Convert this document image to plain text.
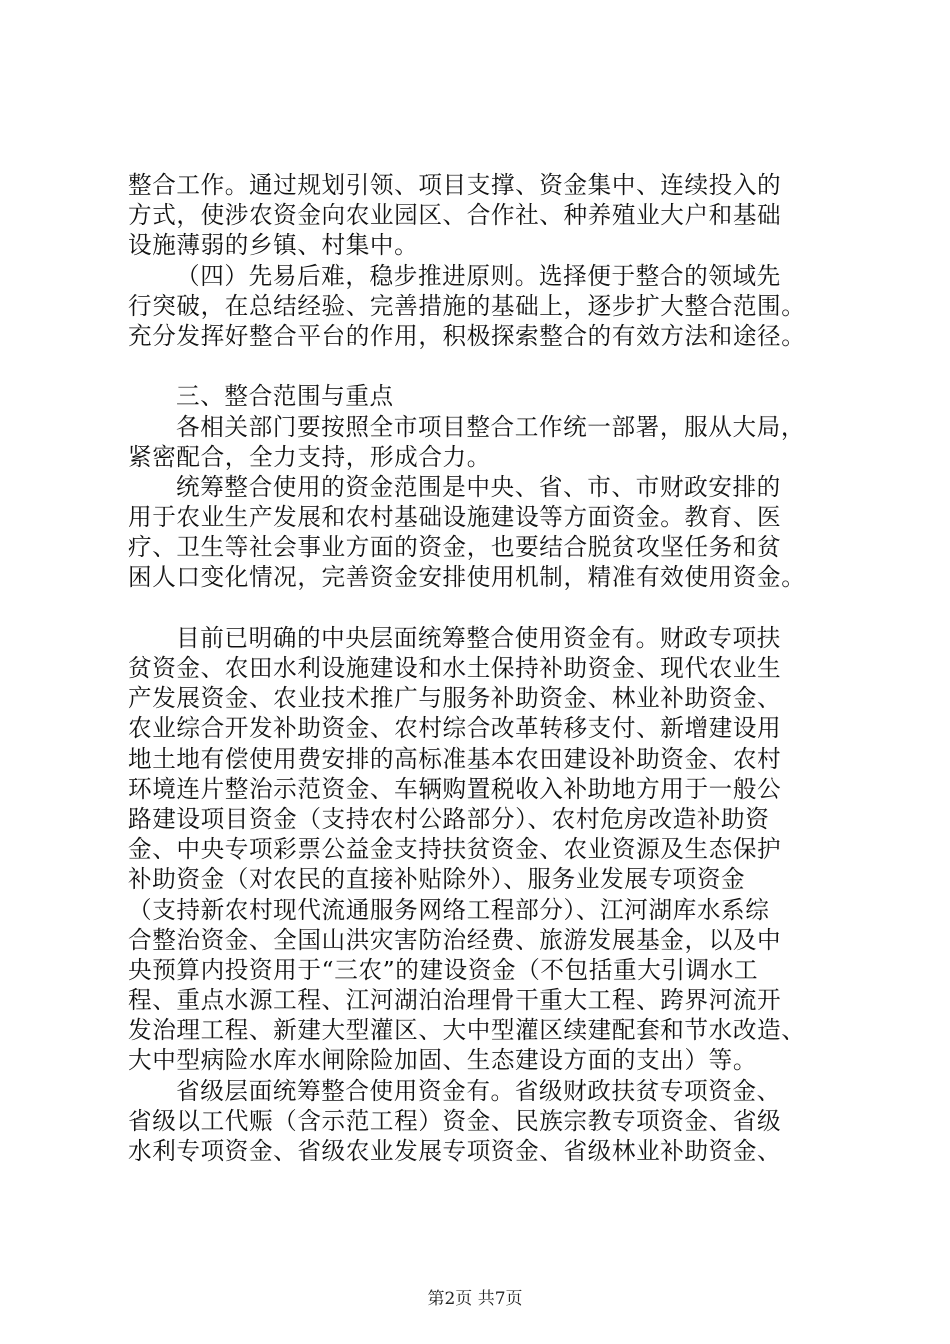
整合工作。通过规划引领、项目支撑、资金集中、连续投入的
方式，使涉农资金向农业园区、合作社、种养殖业大户和基础
设施薄弱的乡镇、村集中。
（四）先易后难，稳步推进原则。选择便于整合的领域先
行突破，在总结经验、完善措施的基础上，逐步扩大整合范围。
充分发挥好整合平台的作用，积极探索整合的有效方法和途径。
三、整合范围与重点
各相关部门要按照全市项目整合工作统一部署，服从大局，
紧密配合，全力支持，形成合力。
统筹整合使用的资金范围是中央、省、市、市财政安排的
用于农业生产发展和农村基础设施建设等方面资金。教育、医
疗、卫生等社会事业方面的资金，也要结合脱贫攻坚任务和贫
困人口变化情况，完善资金安排使用机制，精准有效使用资金。
目前已明确的中央层面统筹整合使用资金有。财政专项扶
贫资金、农田水利设施建设和水土保持补助资金、现代农业生
产发展资金、农业技术推广与服务补助资金、林业补助资金、
农业综合开发补助资金、农村综合改革转移支付、新增建设用
地土地有偿使用费安排的高标准基本农田建设补助资金、农村
环境连片整治示范资金、车辆购置税收入补助地方用于一般公
路建设项目资金（支持农村公路部分）、农村危房改造补助资
金、中央专项彩票公益金支持扶贫资金、农业资源及生态保护
补助资金（对农民的直接补贴除外）、服务业发展专项资金
（支持新农村现代流通服务网络工程部分）、江河湖库水系综
合整治资金、全国山洪灾害防治经费、旅游发展基金，以及中
央预算内投资用于“三农”的建设资金（不包括重大引调水工
程、重点水源工程、江河湖泊治理骨干重大工程、跨界河流开
发治理工程、新建大型灌区、大中型灌区续建配套和节水改造、
大中型病险水库水闸除险加固、生态建设方面的支出）等。
省级层面统筹整合使用资金有。省级财政扶贫专项资金、
省级以工代赈（含示范工程）资金、民族宗教专项资金、省级
水利专项资金、省级农业发展专项资金、省级林业补助资金、
第2页 共7页
